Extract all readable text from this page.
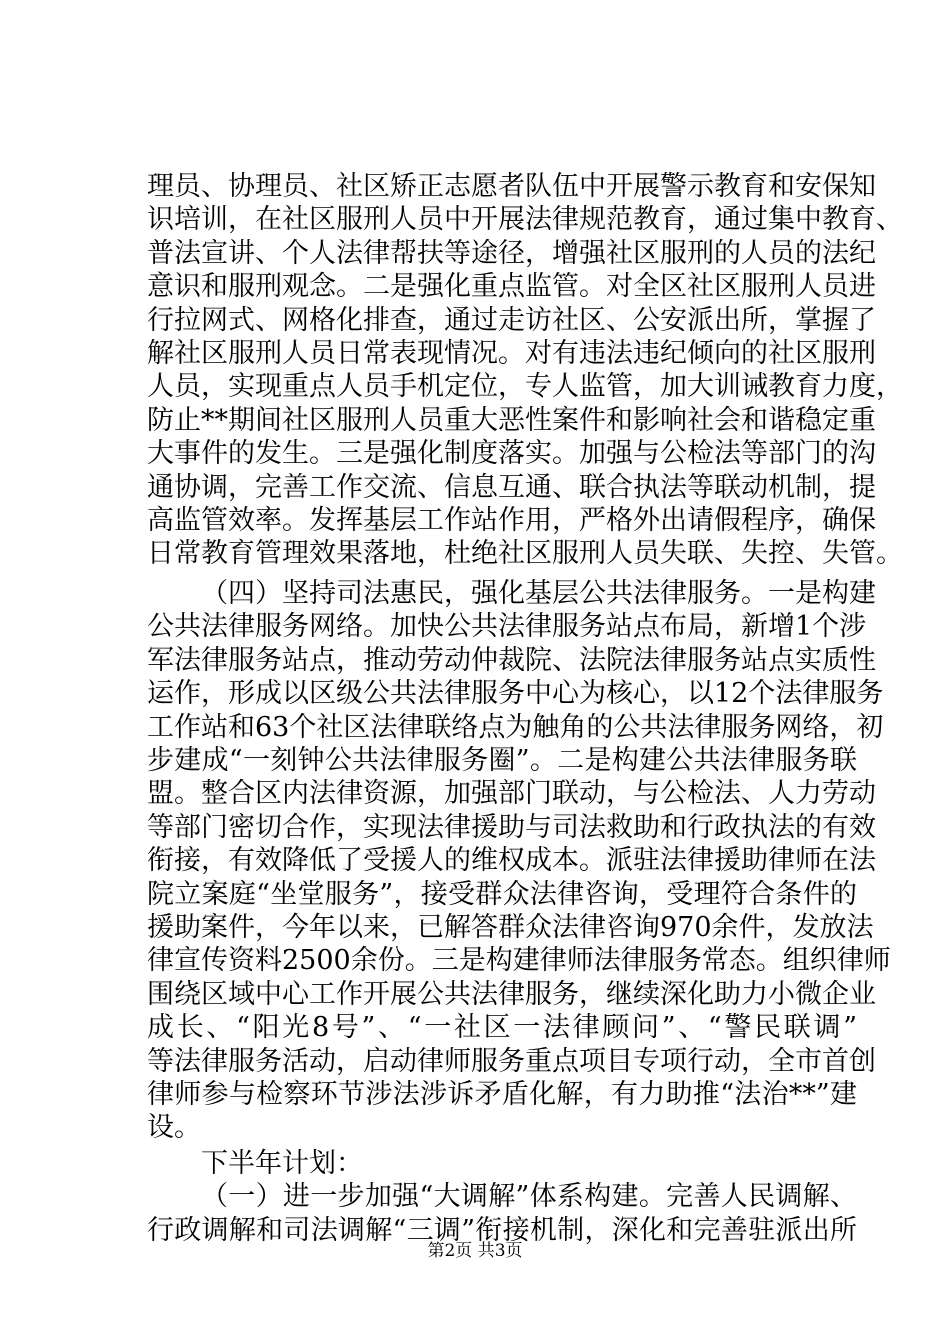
理员、协理员、社区矫正志愿者队伍中开展警示教育和安保知
识培训，在社区服刑人员中开展法律规范教育，通过集中教育、
普法宣讲、个人法律帮扶等途径，增强社区服刑的人员的法纪
意识和服刑观念。二是强化重点监管。对全区社区服刑人员进
行拉网式、网格化排查，通过走访社区、公安派出所，掌握了
解社区服刑人员日常表现情况。对有违法违纪倾向的社区服刑
人员，实现重点人员手机定位，专人监管，加大训诫教育力度，
防止**期间社区服刑人员重大恶性案件和影响社会和谐稳定重
大事件的发生。三是强化制度落实。加强与公检法等部门的沟
通协调，完善工作交流、信息互通、联合执法等联动机制，提
高监管效率。发挥基层工作站作用，严格外出请假程序，确保
日常教育管理效果落地，杜绝社区服刑人员失联、失控、失管。
（四）坚持司法惠民，强化基层公共法律服务。一是构建
公共法律服务网络。加快公共法律服务站点布局，新增1个涉
军法律服务站点，推动劳动仲裁院、法院法律服务站点实质性
运作，形成以区级公共法律服务中心为核心，以12个法律服务
工作站和63个社区法律联络点为触角的公共法律服务网络，初
步建成“一刻钟公共法律服务圈”。二是构建公共法律服务联
盟。整合区内法律资源，加强部门联动，与公检法、人力劳动
等部门密切合作，实现法律援助与司法救助和行政执法的有效
衔接，有效降低了受援人的维权成本。派驻法律援助律师在法
院立案庭“坐堂服务”，接受群众法律咨询，受理符合条件的
援助案件，今年以来，已解答群众法律咨询970余件，发放法
律宣传资料2500余份。三是构建律师法律服务常态。组织律师
围绕区域中心工作开展公共法律服务，继续深化助力小微企业
成长、“阳光8号”、“一社区一法律顾问”、“警民联调”
等法律服务活动，启动律师服务重点项目专项行动，全市首创
律师参与检察环节涉法涉诉矛盾化解，有力助推“法治**”建
设。
下半年计划：
（一）进一步加强“大调解”体系构建。完善人民调解、
行政调解和司法调解“三调”衔接机制，深化和完善驻派出所
第2页 共3页
